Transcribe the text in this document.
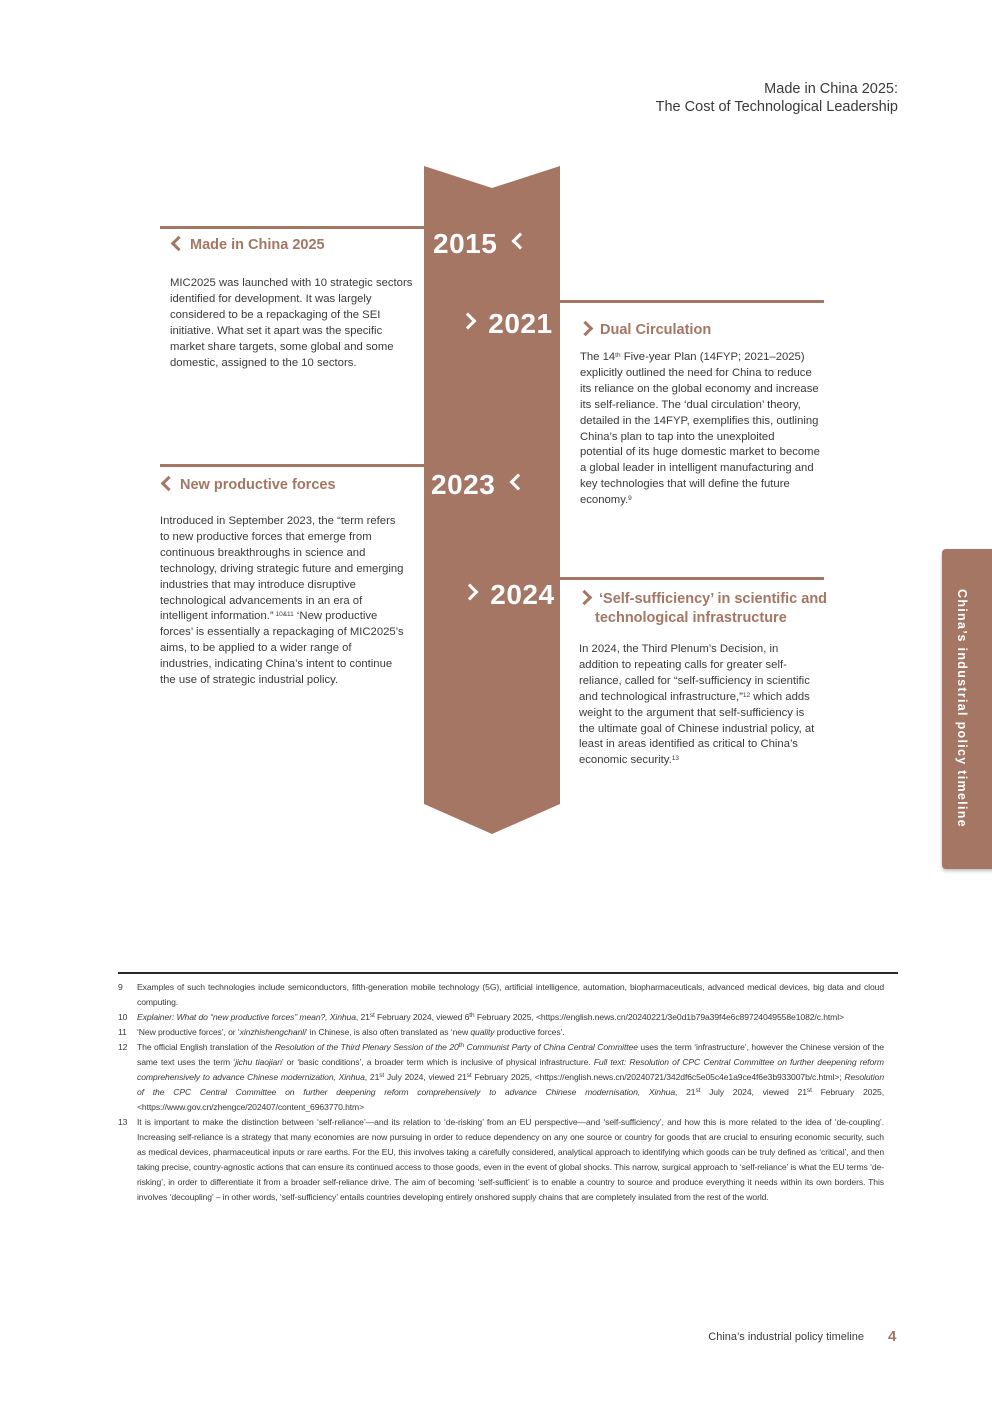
Made in China 2025:
The Cost of Technological Leadership
2015
2021
2023
2024
Made in China 2025
MIC2025 was launched with 10 strategic sectors identified for development. It was largely considered to be a repackaging of the SEI initiative. What set it apart was the specific market share targets, some global and some domestic, assigned to the 10 sectors.
Dual Circulation
The 14th Five-year Plan (14FYP; 2021–2025) explicitly outlined the need for China to reduce its reliance on the global economy and increase its self-reliance. The ‘dual circulation’ theory, detailed in the 14FYP, exemplifies this, outlining China’s plan to tap into the unexploited potential of its huge domestic market to become a global leader in intelligent manufacturing and key technologies that will define the future economy.$^9$
New productive forces
Introduced in September 2023, the “term refers to new productive forces that emerge from continuous breakthroughs in science and technology, driving strategic future and emerging industries that may introduce disruptive technological advancements in an era of intelligent information.” $^{10\&11}$ ‘New productive forces’ is essentially a repackaging of MIC2025’s aims, to be applied to a wider range of industries, indicating China’s intent to continue the use of strategic industrial policy.
‘Self-sufficiency’ in scientific and
technological infrastructure
In 2024, the Third Plenum’s Decision, in addition to repeating calls for greater self-reliance, called for “self-sufficiency in scientific and technological infrastructure,”$^{12}$ which adds weight to the argument that self-sufficiency is the ultimate goal of Chinese industrial policy, at least in areas identified as critical to China’s economic security.$^{13}$	China’s industrial policy timeline
9	Examples of such technologies include semiconductors, fifth-generation mobile technology (5G), artificial intelligence, automation, biopharmaceuticals, advanced medical devices, big data and cloud computing.
10	Explainer: What do “new productive forces” mean?, Xinhua, 21st February 2024, viewed 6th February 2025, <https://english.news.cn/20240221/3e0d1b79a39f4e6c89724049558e1082/c.html>
11	‘New productive forces’, or ‘xinzhishengchanli’ in Chinese, is also often translated as ‘new quality productive forces’.
12	The official English translation of the Resolution of the Third Plenary Session of the 20th Communist Party of China Central Committee uses the term ‘infrastructure’, however the Chinese version of the same text uses the term ‘jichu tiaojian’ or ‘basic conditions’, a broader term which is inclusive of physical infrastructure. Full text: Resolution of CPC Central Committee on further deepening reform comprehensively to advance Chinese modernization, Xinhua, 21st July 2024, viewed 21st February 2025, <https://english.news.cn/20240721/342df6c5e05c4e1a9ce4f6e3b933007b/c.html>; Resolution of the CPC Central Committee on further deepening reform comprehensively to advance Chinese modernisation, Xinhua, 21st July 2024, viewed 21st February 2025, <https://www.gov.cn/zhengce/202407/content_6963770.htm>
13	It is important to make the distinction between ‘self-reliance’—and its relation to ‘de-risking’ from an EU perspective—and ‘self-sufficiency’, and how this is more related to the idea of ‘de-coupling’. Increasing self-reliance is a strategy that many economies are now pursuing in order to reduce dependency on any one source or country for goods that are crucial to ensuring economic security, such as medical devices, pharmaceutical inputs or rare earths. For the EU, this involves taking a carefully considered, analytical approach to identifying which goods can be truly defined as ‘critical’, and then taking precise, country-agnostic actions that can ensure its continued access to those goods, even in the event of global shocks. This narrow, surgical approach to ‘self-reliance’ is what the EU terms ‘de-risking’, in order to differentiate it from a broader self-reliance drive. The aim of becoming ‘self-sufficient’ is to enable a country to source and produce everything it needs within its own borders. This involves ‘decoupling’ – in other words, ‘self-sufficiency’ entails countries developing entirely onshored supply chains that are completely insulated from the rest of the world.
China’s industrial policy timeline 4
